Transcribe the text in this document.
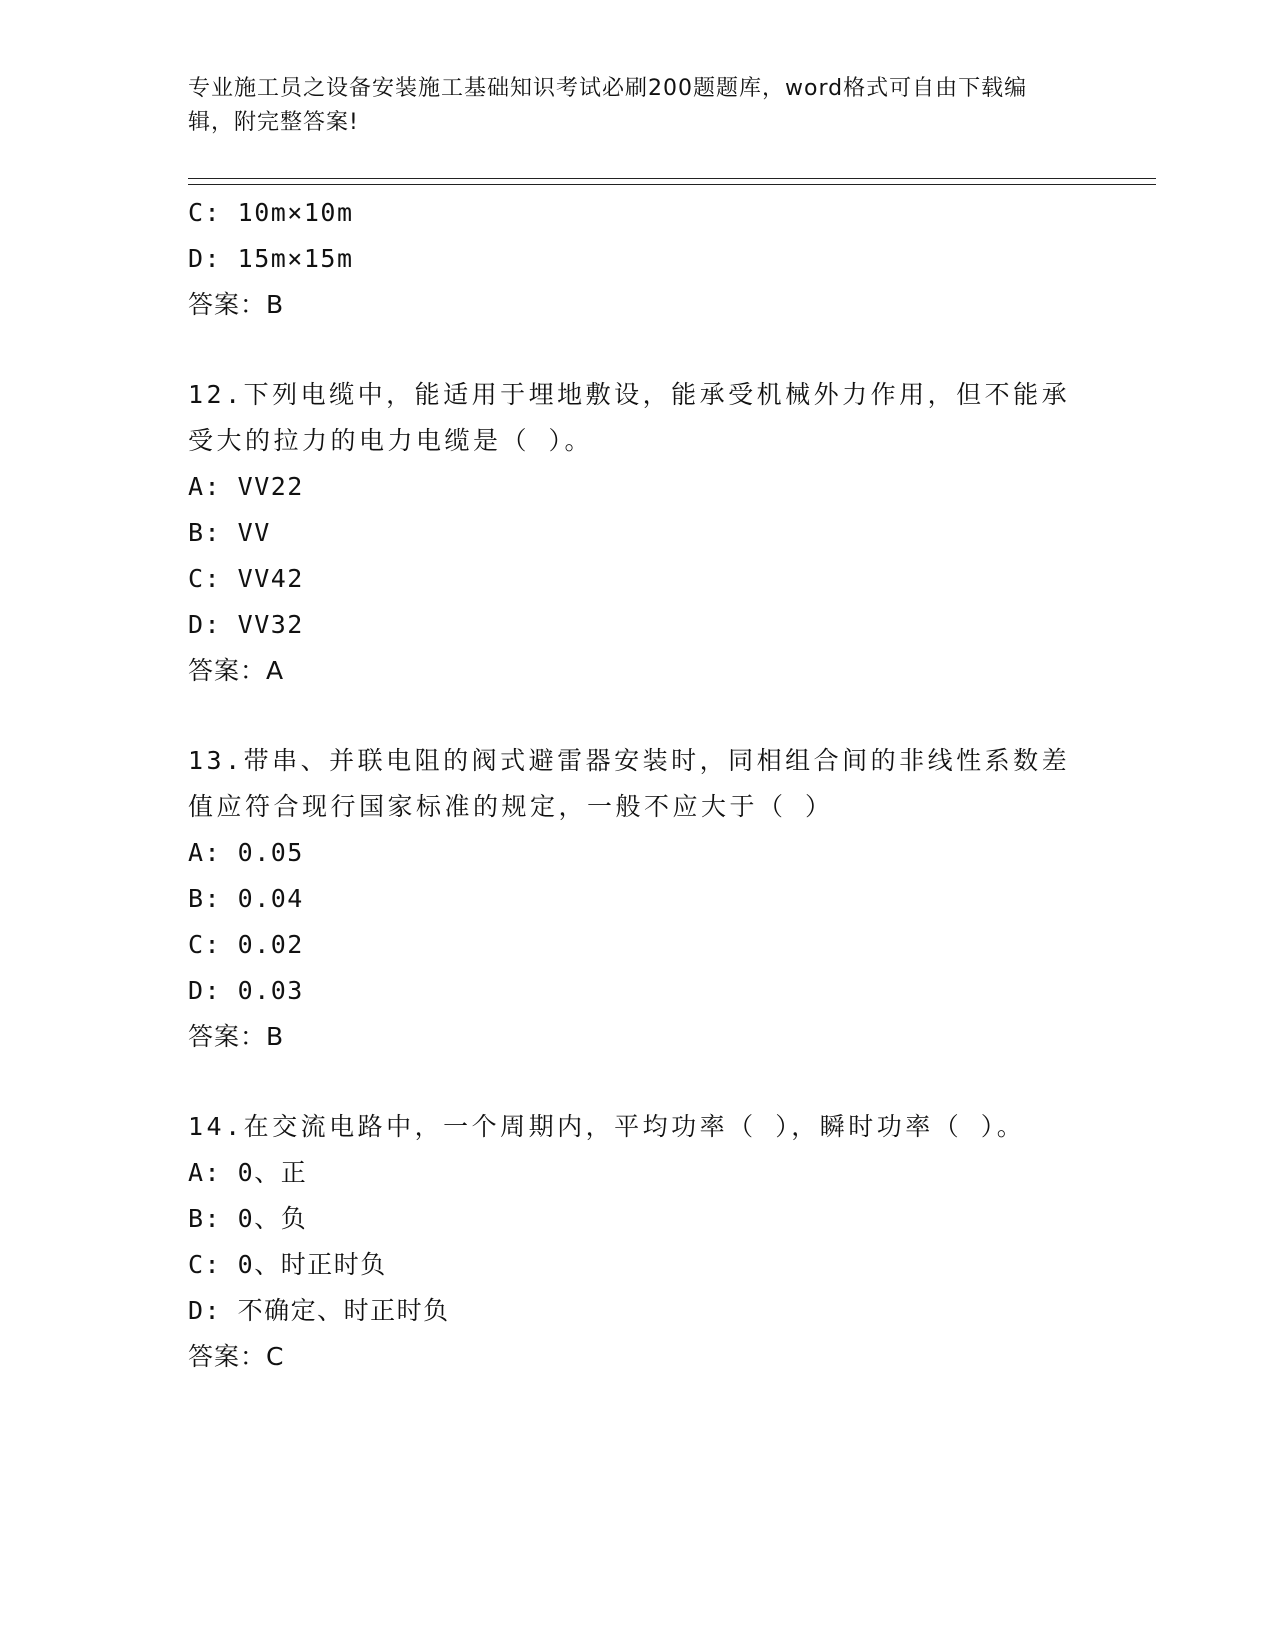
专业施工员之设备安装施工基础知识考试必刷200题题库，word格式可自由下载编辑，附完整答案!
C: 10m×10m
D: 15m×15m
答案：B
12.下列电缆中，能适用于埋地敷设，能承受机械外力作用，但不能承受大的拉力的电力电缆是（ ）。
A: VV22
B: VV
C: VV42
D: VV32
答案：A
13.带串、并联电阻的阀式避雷器安装时，同相组合间的非线性系数差值应符合现行国家标准的规定，一般不应大于（ ）
A: 0.05
B: 0.04
C: 0.02
D: 0.03
答案：B
14.在交流电路中，一个周期内，平均功率（ ），瞬时功率（ ）。
A: 0、正
B: 0、负
C: 0、时正时负
D: 不确定、时正时负
答案：C
